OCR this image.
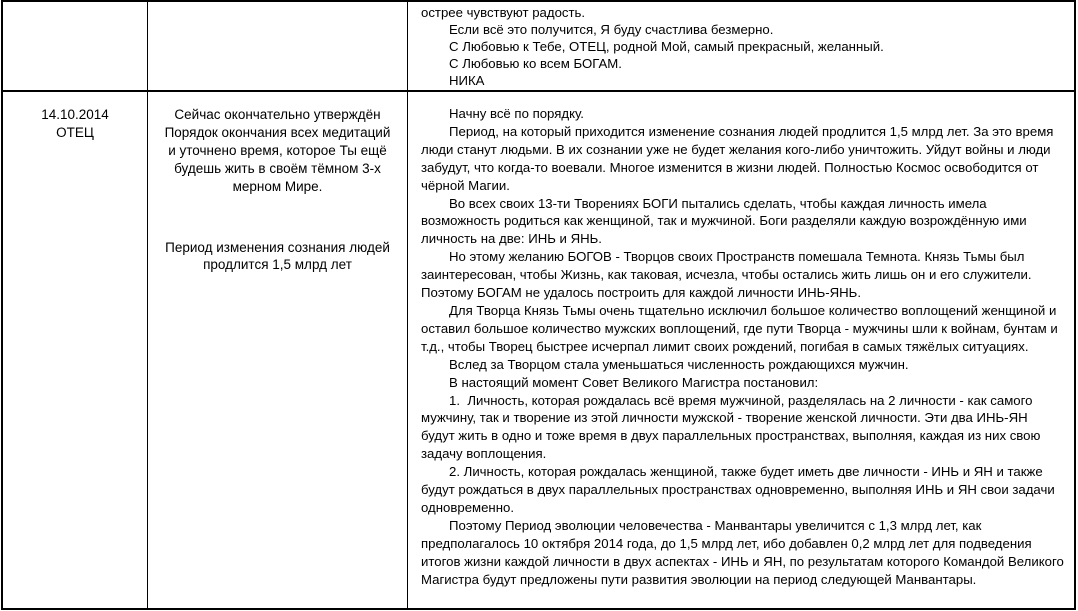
острее чувствуют радость.

Если всё это получится, Я буду счастлива безмерно.

С Любовью к Тебе, ОТЕЦ, родной Мой, самый прекрасный, желанный.

С Любовью ко всем БОГАМ.

НИКА

14.10.2014
ОТЕЦ

Сейчас окончательно утверждён Порядок окончания всех медитаций и уточнено время, которое Ты ещё будешь жить в своём тёмном 3-х мерном Мире.

Период изменения сознания людей продлится 1,5 млрд лет

Начну всё по порядку.

Период, на который приходится изменение сознания людей продлится 1,5 млрд лет. За это время люди станут людьми. В их сознании уже не будет желания кого-либо уничтожить. Уйдут войны и люди забудут, что когда-то воевали. Многое изменится в жизни людей. Полностью Космос освободится от чёрной Магии.

Во всех своих 13-ти Творениях БОГИ пытались сделать, чтобы каждая личность имела возможность родиться как женщиной, так и мужчиной. Боги разделяли каждую возрождённую ими личность на две: ИНЬ и ЯНЬ.

Но этому желанию БОГОВ - Творцов своих Пространств помешала Темнота. Князь Тьмы был заинтересован, чтобы Жизнь, как таковая, исчезла, чтобы остались жить лишь он и его служители. Поэтому БОГАМ не удалось построить для каждой личности ИНЬ-ЯНЬ.

Для Творца Князь Тьмы очень тщательно исключил большое количество воплощений женщиной и оставил большое количество мужских воплощений, где пути Творца - мужчины шли к войнам, бунтам и т.д., чтобы Творец быстрее исчерпал лимит своих рождений, погибая в самых тяжёлых ситуациях.

Вслед за Творцом стала уменьшаться численность рождающихся мужчин.

В настоящий момент Совет Великого Магистра постановил:

1.  Личность, которая рождалась всё время мужчиной, разделялась на 2 личности - как самого мужчину, так и творение из этой личности мужской - творение женской личности. Эти два ИНЬ-ЯН будут жить в одно и тоже время в двух параллельных пространствах, выполняя, каждая из них свою задачу воплощения.

2. Личность, которая рождалась женщиной, также будет иметь две личности - ИНЬ и ЯН и также будут рождаться в двух параллельных пространствах одновременно, выполняя ИНЬ и ЯН свои задачи одновременно.

Поэтому Период эволюции человечества - Манвантары увеличится с 1,3 млрд лет, как предполагалось 10 октября 2014 года, до 1,5 млрд лет, ибо добавлен 0,2 млрд лет для подведения итогов жизни каждой личности в двух аспектах - ИНЬ и ЯН, по результатам которого Командой Великого Магистра будут предложены пути развития эволюции на период следующей Манвантары.
